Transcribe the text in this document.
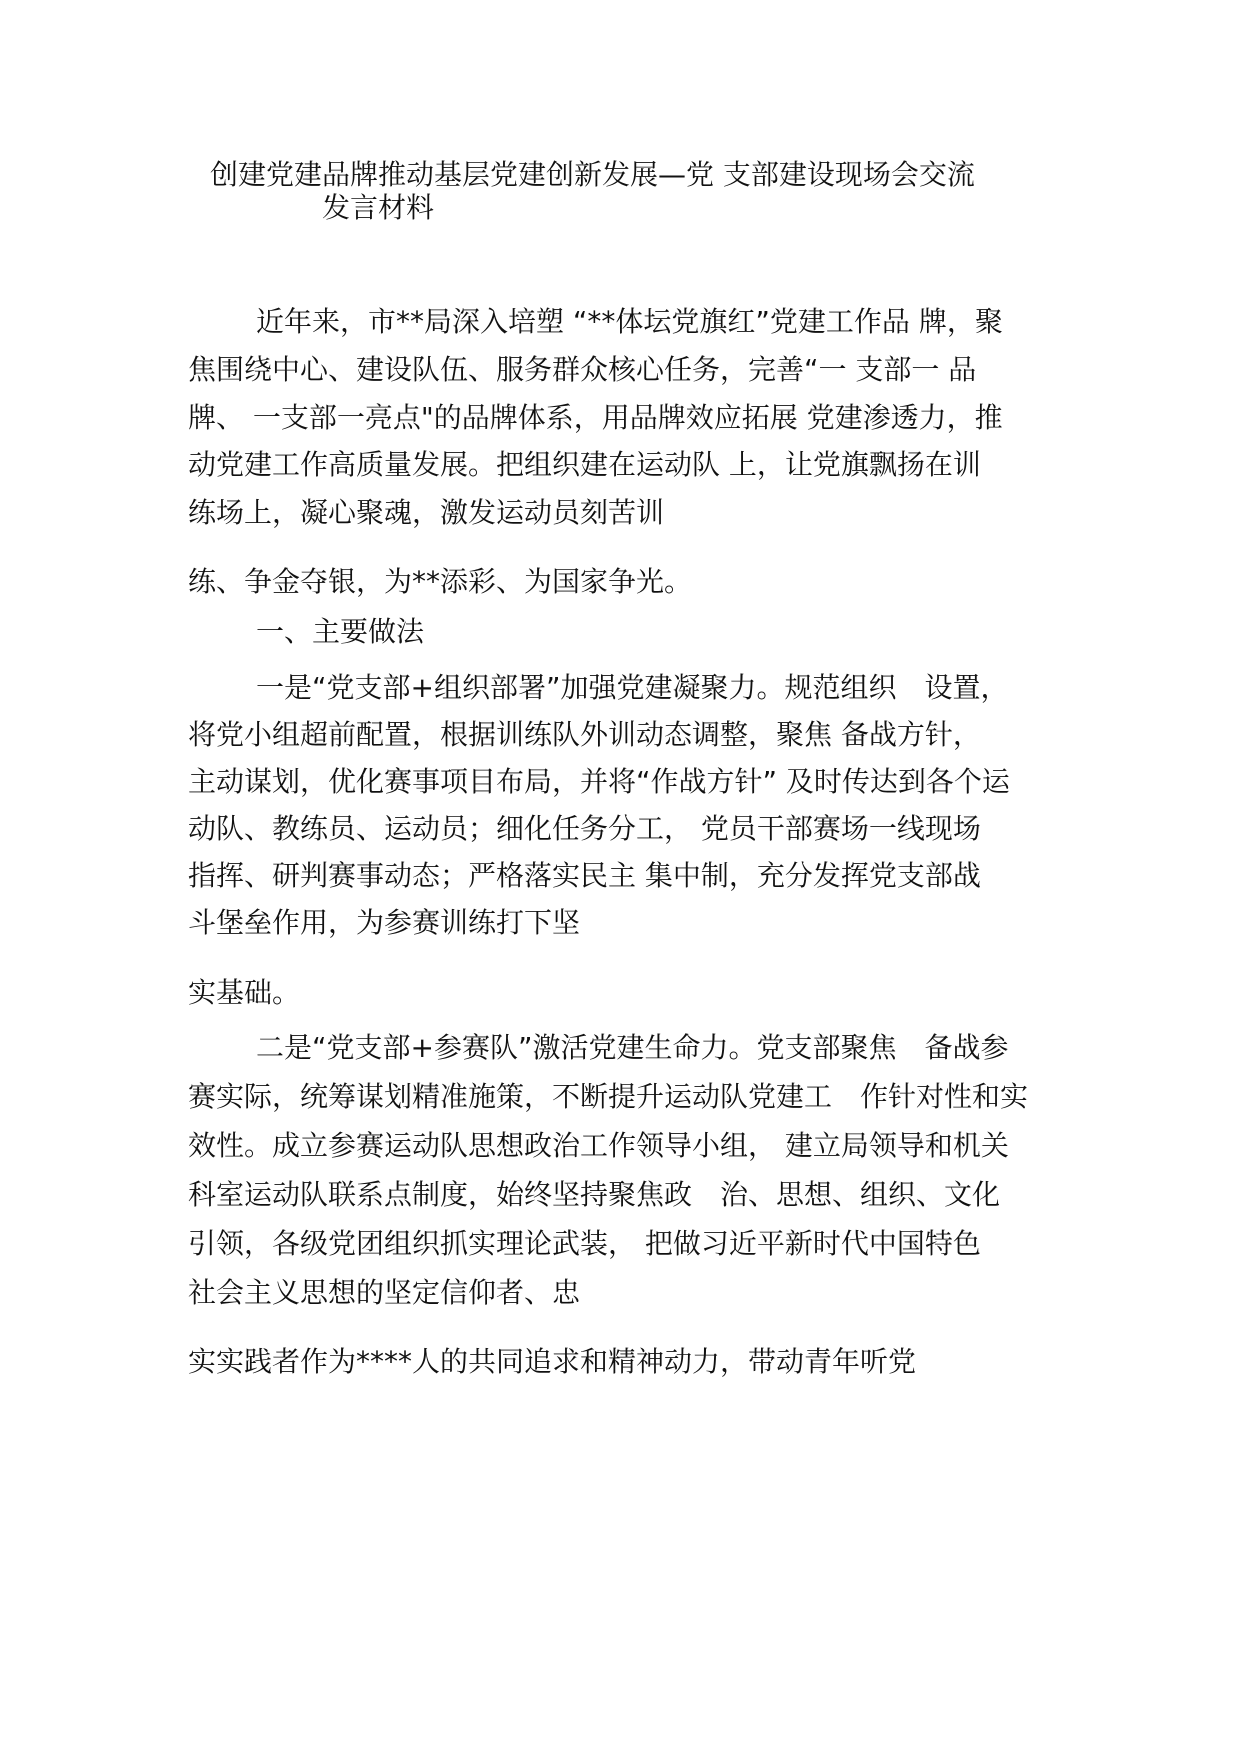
创建党建品牌推动基层党建创新发展—党 支部建设现场会交流
发言材料
近年来，市**局深入培塑 “**体坛党旗红”党建工作品 牌，聚
焦围绕中心、建设队伍、服务群众核心任务，完善“一 支部一 品
牌、 一支部一亮点"的品牌体系，用品牌效应拓展 党建渗透力，推
动党建工作高质量发展。把组织建在运动队 上，让党旗飘扬在训
练场上，凝心聚魂，激发运动员刻苦训
练、争金夺银，为**添彩、为国家争光。
一、主要做法
一是“党支部+组织部署”加强党建凝聚力。规范组织　设置，
将党小组超前配置，根据训练队外训动态调整，聚焦 备战方针，
主动谋划，优化赛事项目布局，并将“作战方针” 及时传达到各个运
动队、教练员、运动员；细化任务分工， 党员干部赛场一线现场
指挥、研判赛事动态；严格落实民主 集中制，充分发挥党支部战
斗堡垒作用，为参赛训练打下坚
实基础。
二是“党支部+参赛队”激活党建生命力。党支部聚焦　备战参
赛实际，统筹谋划精准施策，不断提升运动队党建工　作针对性和实
效性。成立参赛运动队思想政治工作领导小组， 建立局领导和机关
科室运动队联系点制度，始终坚持聚焦政　治、思想、组织、文化
引领，各级党团组织抓实理论武装， 把做习近平新时代中国特色
社会主义思想的坚定信仰者、忠
实实践者作为****人的共同追求和精神动力，带动青年听党
